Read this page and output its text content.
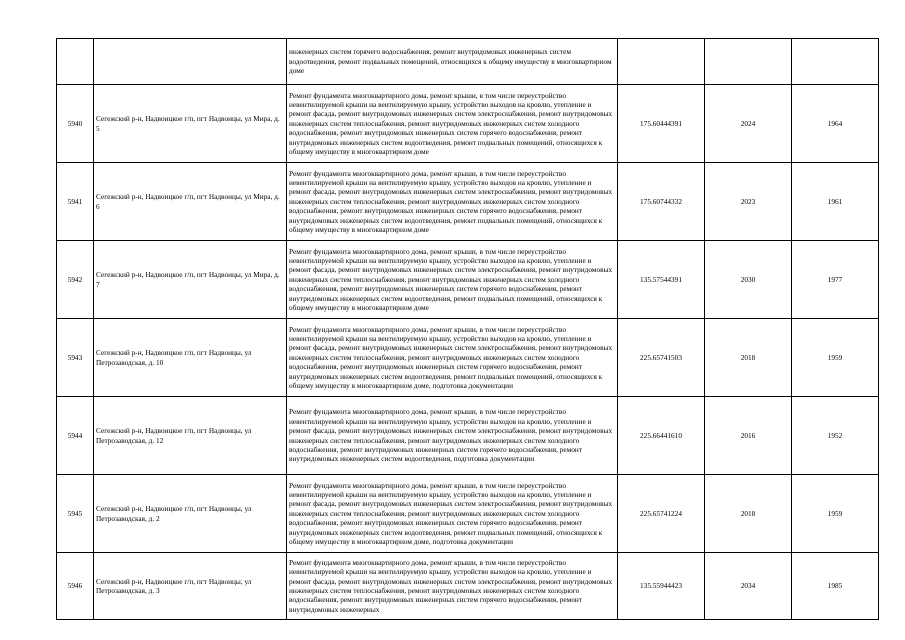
		инженерных систем горячего водоснабжения, ремонт внутридомовых инженерных систем водоотведения, ремонт подвальных помещений, относящихся к общему имуществу в многоквартирном доме			

5940	Сегежский р-н, Надвоицкое г/п, пгт Надвоицы, ул Мира, д. 5	Ремонт фундамента многоквартирного дома, ремонт крыши, в том числе переустройство невентилируемой крыши на вентилируемую крышу, устройство выходов на кровлю, утепление и ремонт фасада, ремонт внутридомовых инженерных систем электроснабжения, ремонт внутридомовых инженерных систем теплоснабжения, ремонт внутридомовых инженерных систем холодного водоснабжения, ремонт внутридомовых инженерных систем горячего водоснабжения, ремонт внутридомовых инженерных систем водоотведения, ремонт подвальных помещений, относящихся к общему имуществу в многоквартирном доме	175.60444391	2024	1964
5941	Сегежский р-н, Надвоицкое г/п, пгт Надвоицы, ул Мира, д. 6	Ремонт фундамента многоквартирного дома, ремонт крыши, в том числе переустройство невентилируемой крыши на вентилируемую крышу, устройство выходов на кровлю, утепление и ремонт фасада, ремонт внутридомовых инженерных систем электроснабжения, ремонт внутридомовых инженерных систем теплоснабжения, ремонт внутридомовых инженерных систем холодного водоснабжения, ремонт внутридомовых инженерных систем горячего водоснабжения, ремонт внутридомовых инженерных систем водоотведения, ремонт подвальных помещений, относящихся к общему имуществу в многоквартирном доме	175.60744332	2023	1961
5942	Сегежский р-н, Надвоицкое г/п, пгт Надвоицы, ул Мира, д. 7	Ремонт фундамента многоквартирного дома, ремонт крыши, в том числе переустройство невентилируемой крыши на вентилируемую крышу, устройство выходов на кровлю, утепление и ремонт фасада, ремонт внутридомовых инженерных систем электроснабжения, ремонт внутридомовых инженерных систем теплоснабжения, ремонт внутридомовых инженерных систем холодного водоснабжения, ремонт внутридомовых инженерных систем горячего водоснабжения, ремонт внутридомовых инженерных систем водоотведения, ремонт подвальных помещений, относящихся к общему имуществу в многоквартирном доме	135.57544391	2030	1977
5943	Сегежский р-н, Надвоицкое г/п, пгт Надвоицы, ул Петрозаводская, д. 10	Ремонт фундамента многоквартирного дома, ремонт крыши, в том числе переустройство невентилируемой крыши на вентилируемую крышу, устройство выходов на кровлю, утепление и ремонт фасада, ремонт внутридомовых инженерных систем электроснабжения, ремонт внутридомовых инженерных систем теплоснабжения, ремонт внутридомовых инженерных систем холодного водоснабжения, ремонт внутридомовых инженерных систем горячего водоснабжения, ремонт внутридомовых инженерных систем водоотведения, ремонт подвальных помещений, относящихся к общему имуществу в многоквартирном доме, подготовка документации	225.65741503	2018	1959
5944	Сегежский р-н, Надвоицкое г/п, пгт Надвоицы, ул Петрозаводская, д. 12	Ремонт фундамента многоквартирного дома, ремонт крыши, в том числе переустройство невентилируемой крыши на вентилируемую крышу, устройство выходов на кровлю, утепление и ремонт фасада, ремонт внутридомовых инженерных систем электроснабжения, ремонт внутридомовых инженерных систем теплоснабжения, ремонт внутридомовых инженерных систем холодного водоснабжения, ремонт внутридомовых инженерных систем горячего водоснабжения, ремонт внутридомовых инженерных систем водоотведения, подготовка документации	225.66441610	2016	1952
5945	Сегежский р-н, Надвоицкое г/п, пгт Надвоицы, ул Петрозаводская, д. 2	Ремонт фундамента многоквартирного дома, ремонт крыши, в том числе переустройство невентилируемой крыши на вентилируемую крышу, устройство выходов на кровлю, утепление и ремонт фасада, ремонт внутридомовых инженерных систем электроснабжения, ремонт внутридомовых инженерных систем теплоснабжения, ремонт внутридомовых инженерных систем холодного водоснабжения, ремонт внутридомовых инженерных систем горячего водоснабжения, ремонт внутридомовых инженерных систем водоотведения, ремонт подвальных помещений, относящихся к общему имуществу в многоквартирном доме, подготовка документации	225.65741224	2018	1959
5946	Сегежский р-н, Надвоицкое г/п, пгт Надвоицы, ул Петрозаводская, д. 3	Ремонт фундамента многоквартирного дома, ремонт крыши, в том числе переустройство невентилируемой крыши на вентилируемую крышу, устройство выходов на кровлю, утепление и ремонт фасада, ремонт внутридомовых инженерных систем электроснабжения, ремонт внутридомовых инженерных систем теплоснабжения, ремонт внутридомовых инженерных систем холодного водоснабжения, ремонт внутридомовых инженерных систем горячего водоснабжения, ремонт внутридомовых инженерных	135.55944423	2034	1985
